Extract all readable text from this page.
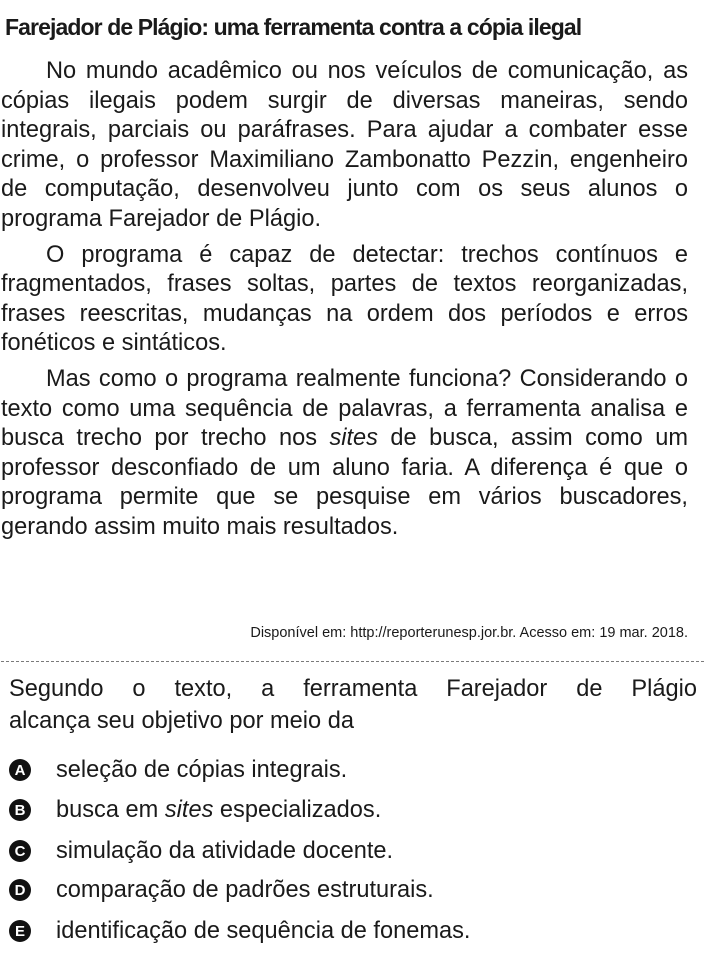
Farejador de Plágio: uma ferramenta contra a cópia ilegal

No mundo acadêmico ou nos veículos de comunicação, as cópias ilegais podem surgir de diversas maneiras, sendo integrais, parciais ou paráfrases. Para ajudar a combater esse crime, o professor Maximiliano Zambonatto Pezzin, engenheiro de computação, desenvolveu junto com os seus alunos o programa Farejador de Plágio.

O programa é capaz de detectar: trechos contínuos e fragmentados, frases soltas, partes de textos reorganizadas, frases reescritas, mudanças na ordem dos períodos e erros fonéticos e sintáticos.

Mas como o programa realmente funciona? Considerando o texto como uma sequência de palavras, a ferramenta analisa e busca trecho por trecho nos sites de busca, assim como um professor desconfiado de um aluno faria. A diferença é que o programa permite que se pesquise em vários buscadores, gerando assim muito mais resultados.

Disponível em: http://reporterunesp.jor.br. Acesso em: 19 mar. 2018.
Segundo o texto, a ferramenta Farejador de Plágio
alcança seu objetivo por meio da
A seleção de cópias integrais.
B busca em sites especializados.
C simulação da atividade docente.
D comparação de padrões estruturais.
E identificação de sequência de fonemas.
